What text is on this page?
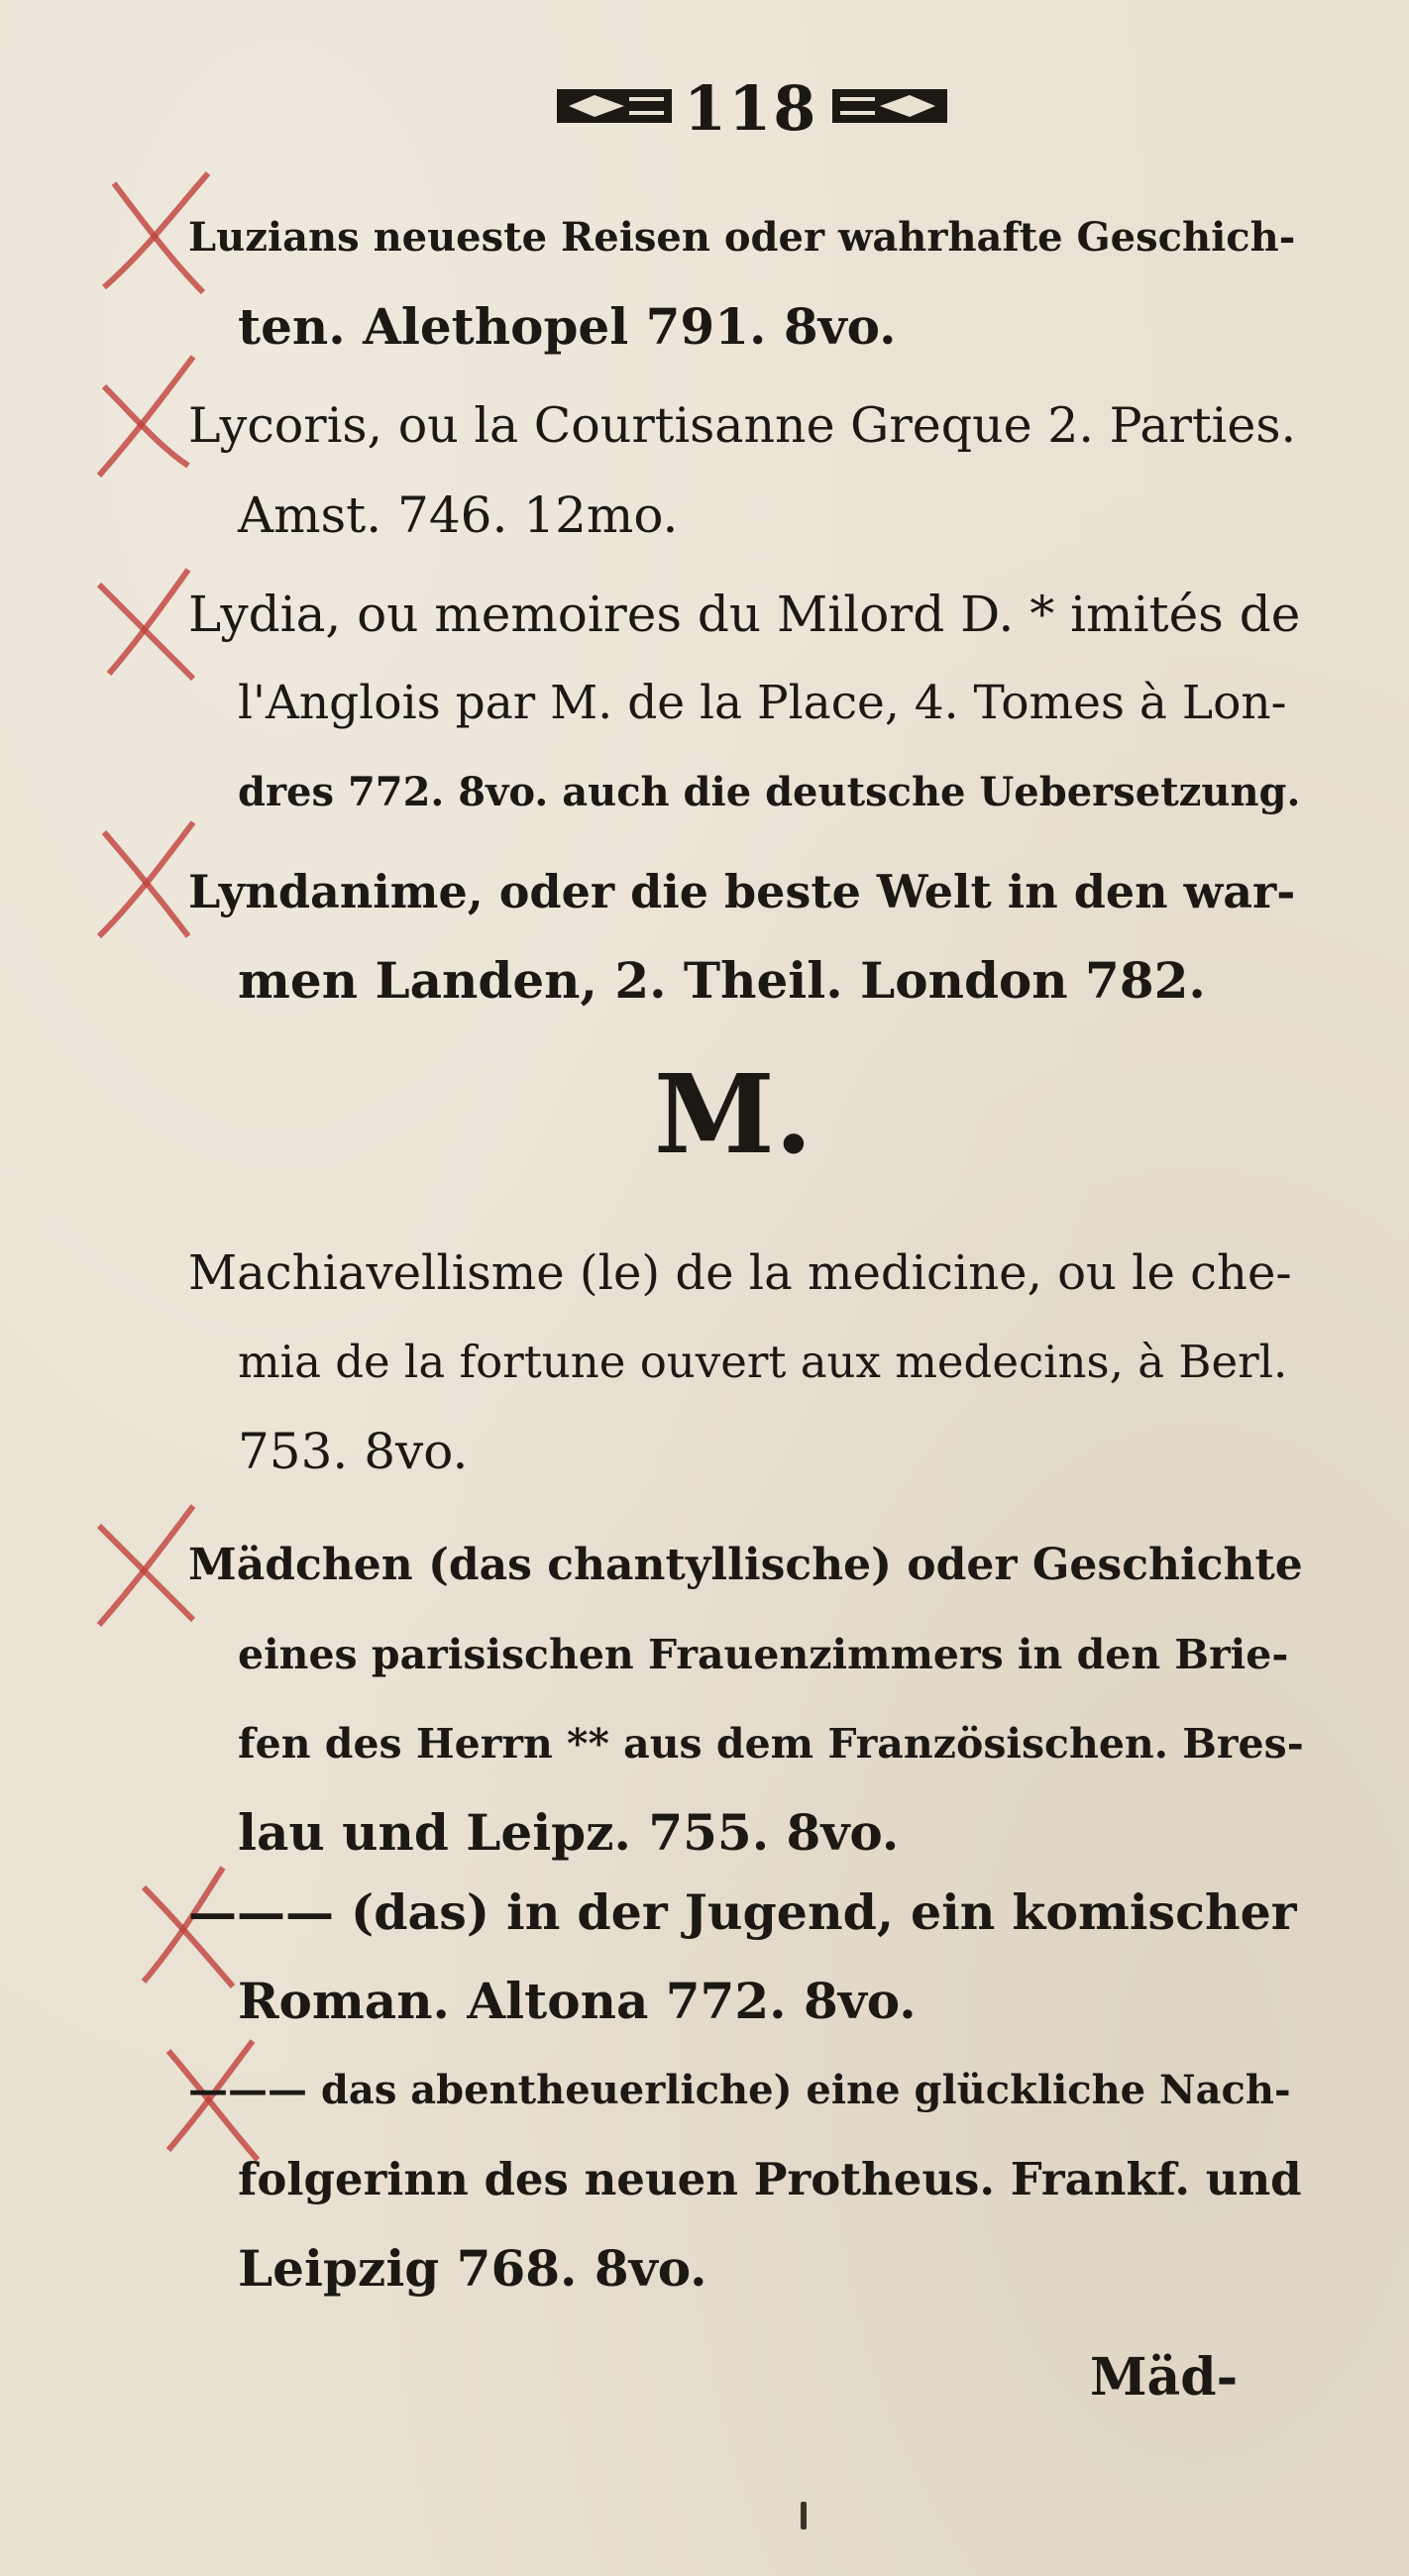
118
Luzians neueste Reisen oder wahrhafte Geschich-
ten. Alethopel 791. 8vo.
Lycoris, ou la Courtisanne Greque 2. Parties.
Amst. 746. 12mo.
Lydia, ou memoires du Milord D. * imités de
l'Anglois par M. de la Place, 4. Tomes à Lon-
dres 772. 8vo. auch die deutsche Uebersetzung.
Lyndanime, oder die beste Welt in den war-
men Landen, 2. Theil. London 782.
M.
Machiavellisme (le) de la medicine, ou le che-
mia de la fortune ouvert aux medecins, à Berl.
753. 8vo.
Mädchen (das chantyllische) oder Geschichte
eines parisischen Frauenzimmers in den Brie-
fen des Herrn ** aus dem Französischen. Bres-
lau und Leipz. 755. 8vo.
——— (das) in der Jugend, ein komischer
Roman. Altona 772. 8vo.
——— das abentheuerliche) eine glückliche Nach-
folgerinn des neuen Protheus. Frankf. und
Leipzig 768. 8vo.
Mäd-
